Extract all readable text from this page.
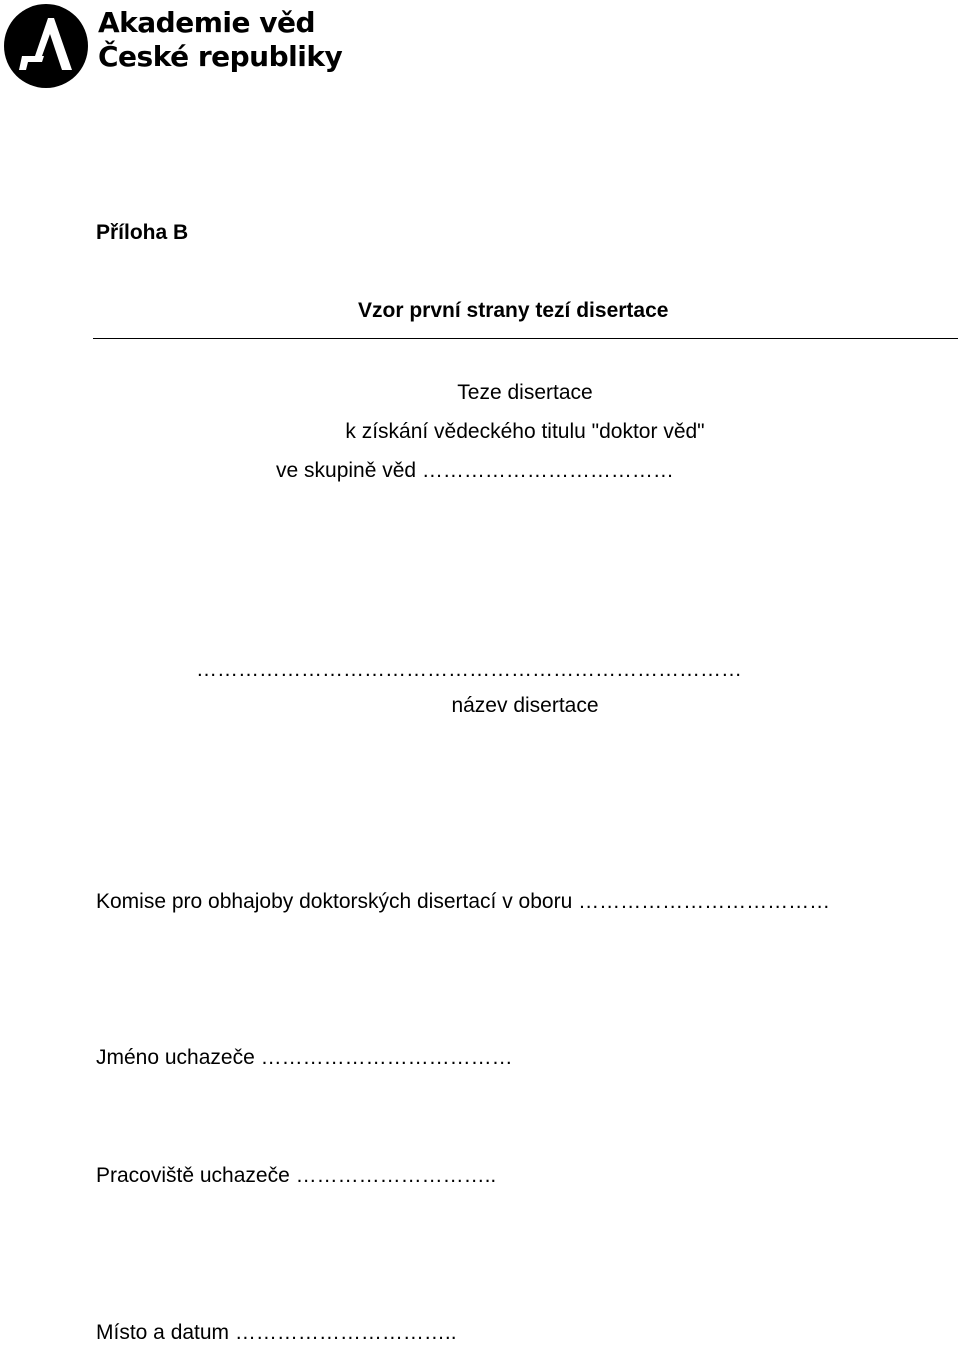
Akademie věd
České republiky
Příloha B
Vzor první strany tezí disertace
Teze disertace
k získání vědeckého titulu "doktor věd"
ve skupině věd ………………………………
……………………………………………………………………
název disertace
Komise pro obhajoby doktorských disertací v oboru ………………………………
Jméno uchazeče ………………………………
Pracoviště uchazeče ………………………..
Místo a datum …………………………..
